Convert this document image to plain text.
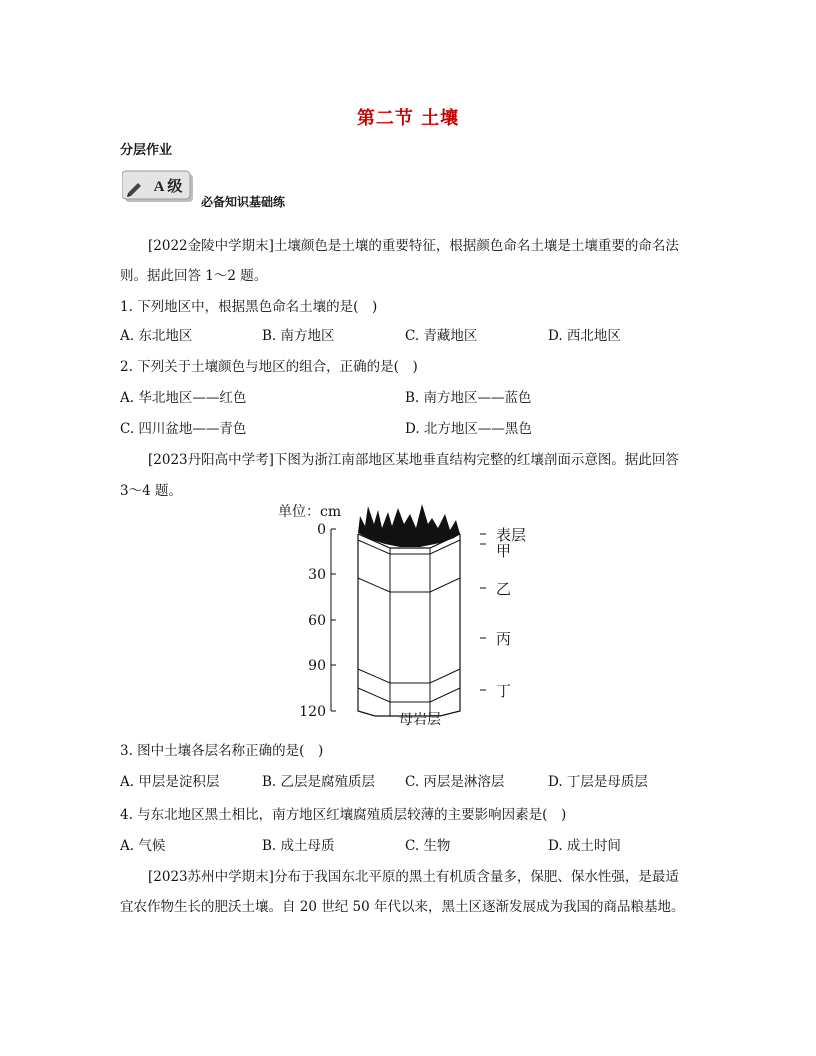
第二节 土壤
分层作业
A 级
必备知识基础练
[2022金陵中学期末]土壤颜色是土壤的重要特征，根据颜色命名土壤是土壤重要的命名法
则。据此回答 1～2 题。
1. 下列地区中，根据黑色命名土壤的是(　)
A. 东北地区	B. 南方地区	C. 青藏地区	D. 西北地区
2. 下列关于土壤颜色与地区的组合，正确的是(　)
A. 华北地区——红色	B. 南方地区——蓝色
C. 四川盆地——青色	D. 北方地区——黑色
[2023丹阳高中学考]下图为浙江南部地区某地垂直结构完整的红壤剖面示意图。据此回答
3～4 题。
单位：cm
0
30
60
90
120	母岩层
表层
甲
乙
丙
丁
3. 图中土壤各层名称正确的是(　)
A. 甲层是淀积层	B. 乙层是腐殖质层 C. 丙层是淋溶层	D. 丁层是母质层
4. 与东北地区黑土相比，南方地区红壤腐殖质层较薄的主要影响因素是(　)
A. 气候	B. 成土母质	C. 生物	D. 成土时间
[2023苏州中学期末]分布于我国东北平原的黑土有机质含量多，保肥、保水性强，是最适
宜农作物生长的肥沃土壤。自 20 世纪 50 年代以来，黑土区逐渐发展成为我国的商品粮基地。
